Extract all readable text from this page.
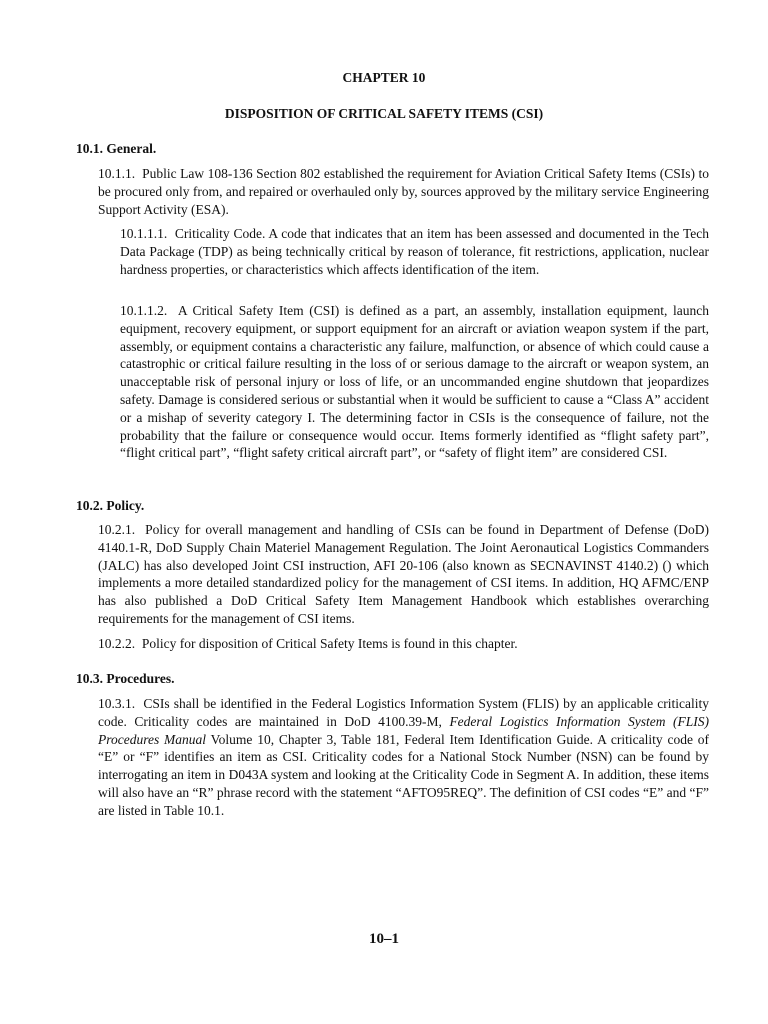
CHAPTER 10

DISPOSITION OF CRITICAL SAFETY ITEMS (CSI)

10.1. General.

10.1.1. Public Law 108-136 Section 802 established the requirement for Aviation Critical Safety Items (CSIs) to be procured only from, and repaired or overhauled only by, sources approved by the military service Engineering Support Activity (ESA).

10.1.1.1. Criticality Code. A code that indicates that an item has been assessed and documented in the Tech Data Package (TDP) as being technically critical by reason of tolerance, fit restrictions, application, nuclear hardness properties, or characteristics which affects identification of the item.

10.1.1.2. A Critical Safety Item (CSI) is defined as a part, an assembly, installation equipment, launch equipment, recovery equipment, or support equipment for an aircraft or aviation weapon system if the part, assembly, or equipment contains a characteristic any failure, malfunction, or absence of which could cause a catastrophic or critical failure resulting in the loss of or serious damage to the aircraft or weapon system, an unacceptable risk of personal injury or loss of life, or an uncommanded engine shutdown that jeopardizes safety. Damage is considered serious or substantial when it would be sufficient to cause a “Class A” accident or a mishap of severity category I. The determining factor in CSIs is the consequence of failure, not the probability that the failure or consequence would occur. Items formerly identified as “flight safety part”, “flight critical part”, “flight safety critical aircraft part”, or “safety of flight item” are considered CSI.

10.2. Policy.

10.2.1. Policy for overall management and handling of CSIs can be found in Department of Defense (DoD) 4140.1-R, DoD Supply Chain Materiel Management Regulation. The Joint Aeronautical Logistics Commanders (JALC) has also developed Joint CSI instruction, AFI 20-106 (also known as SECNAVINST 4140.2) () which implements a more detailed standardized policy for the management of CSI items. In addition, HQ AFMC/ENP has also published a DoD Critical Safety Item Management Handbook which establishes overarching requirements for the management of CSI items.

10.2.2. Policy for disposition of Critical Safety Items is found in this chapter.

10.3. Procedures.

10.3.1. CSIs shall be identified in the Federal Logistics Information System (FLIS) by an applicable criticality code. Criticality codes are maintained in DoD 4100.39-M, Federal Logistics Information System (FLIS) Procedures Manual Volume 10, Chapter 3, Table 181, Federal Item Identification Guide. A criticality code of “E” or “F” identifies an item as CSI. Criticality codes for a National Stock Number (NSN) can be found by interrogating an item in D043A system and looking at the Criticality Code in Segment A. In addition, these items will also have an “R” phrase record with the statement “AFTO95REQ”. The definition of CSI codes “E” and “F” are listed in Table 10.1.

10–1
